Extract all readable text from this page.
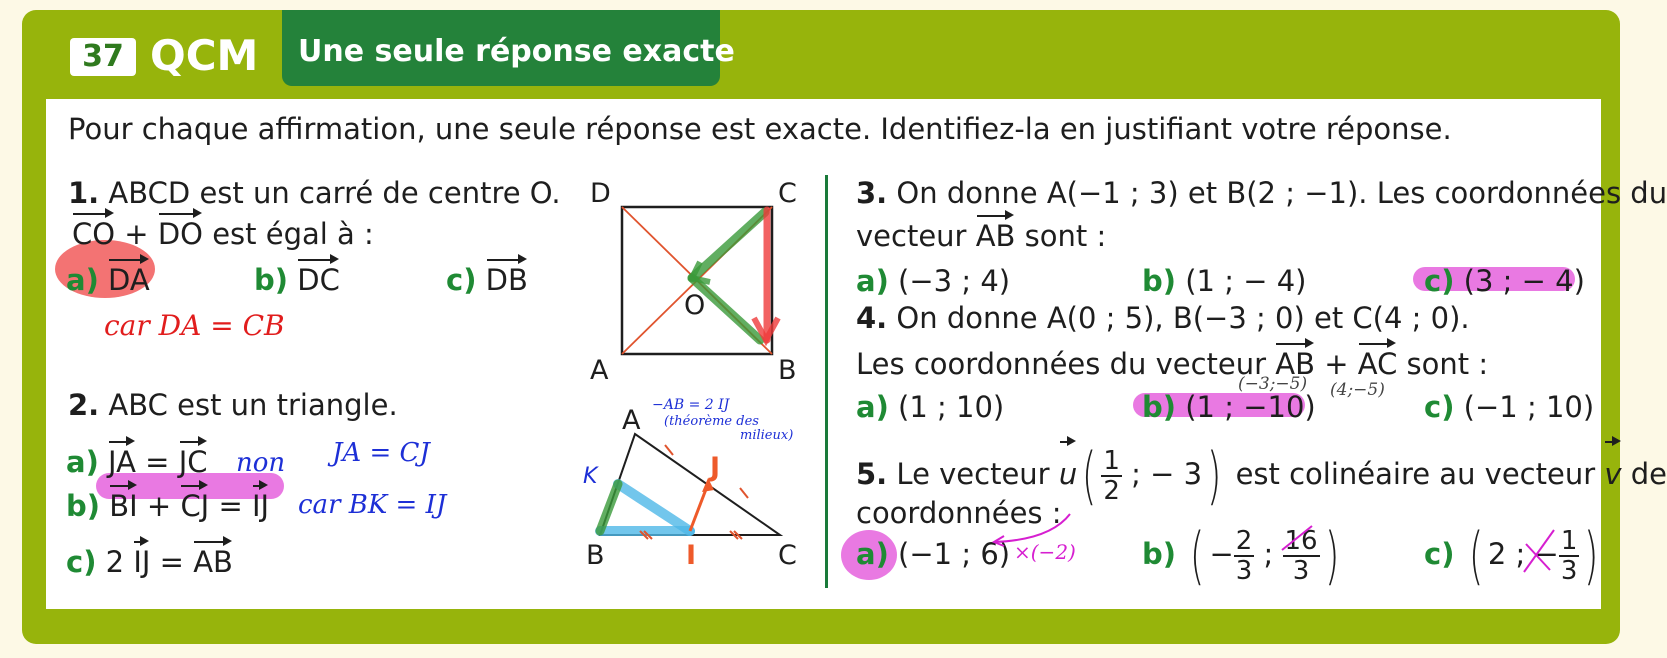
37 QCM Une seule réponse exacte
Pour chaque affirmation, une seule réponse est exacte. Identifiez-la en justifiant votre réponse.
1. ABCD est un carré de centre O.
CO + DO est égal à :
a) DA	b) DC	c) DB
car DA = CB
2. ABC est un triangle.
a) JA = JC
b) BI + CJ = IJ
c) 2 IJ = AB
non JA = CJ
car BK = IJ
−AB = 2 IJ
(théorème des
milieux)
D	C
A	B
O
A
B	C
I
J
K
3. On donne A(−1 ; 3) et B(2 ; −1). Les coordonnées du
vecteur AB sont :
a) (−3 ; 4)	b) (1 ; − 4)	c) (3 ; − 4)
4. On donne A(0 ; 5), B(−3 ; 0) et C(4 ; 0).
Les coordonnées du vecteur AB + AC sont :
(−3;−5) (4;−5)
a) (1 ; 10)	b) (1 ; −10)	c) (−1 ; 10)
5. Le vecteur $u( \frac{1}{2}$ ; − 3) est colinéaire au vecteur v de
coordonnées :
a) (−1 ; 6) ×(−2) b) ( − $\frac{2}{3}$ ; $\frac{16}{3}$ )	c) ( 2 ; − $\frac{1}{3}$ )
